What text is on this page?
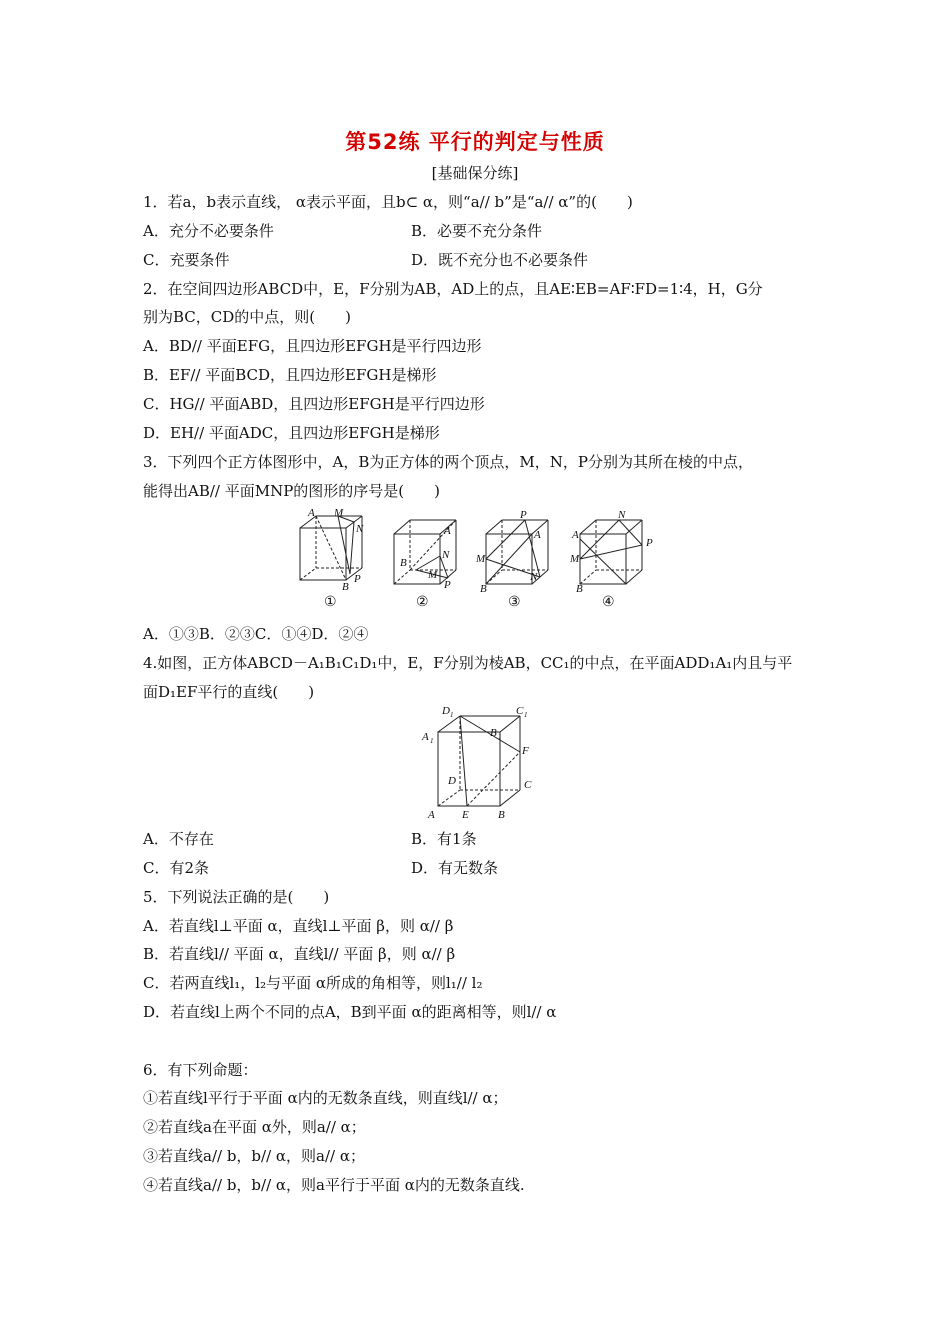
第52练 平行的判定与性质
[基础保分练]
1．若a，b表示直线， α表示平面，且b⊂ α，则“a// b”是“a// α”的(　　)
A．充分不必要条件	B．必要不充分条件
C．充要条件	D．既不充分也不必要条件
2．在空间四边形ABCD中，E，F分别为AB，AD上的点，且AE∶EB=AF∶FD=1∶4，H，G分
别为BC，CD的中点，则(　　)
A．BD// 平面EFG，且四边形EFGH是平行四边形
B．EF// 平面BCD，且四边形EFGH是梯形
C．HG// 平面ABD，且四边形EFGH是平行四边形
D．EH// 平面ADC，且四边形EFGH是梯形
3．下列四个正方体图形中，A，B为正方体的两个顶点，M，N，P分别为其所在棱的中点，
能得出AB// 平面MNP的图形的序号是(　　)
A M
N
B
P
A
B
N
M
P
P
A
M
B
N
N
P
A
M
B
①	②	③	④
A．①③B．②③C．①④D．②④
4.如图，正方体ABCD－A₁B₁C₁D₁中，E，F分别为棱AB，CC₁的中点，在平面ADD₁A₁内且与平
面D₁EF平行的直线(　　)
D 1	C 1
A 1
B 1
F
D	C
A E	B
A．不存在	B．有1条
C．有2条	D．有无数条
5．下列说法正确的是(　　)
A．若直线l⊥平面 α，直线l⊥平面 β，则 α// β
B．若直线l// 平面 α，直线l// 平面 β，则 α// β
C．若两直线l₁，l₂与平面 α所成的角相等，则l₁// l₂
D．若直线l上两个不同的点A，B到平面 α的距离相等，则l// α
6．有下列命题：
①若直线l平行于平面 α内的无数条直线，则直线l// α；
②若直线a在平面 α外，则a// α；
③若直线a// b，b// α，则a// α；
④若直线a// b，b// α，则a平行于平面 α内的无数条直线.
